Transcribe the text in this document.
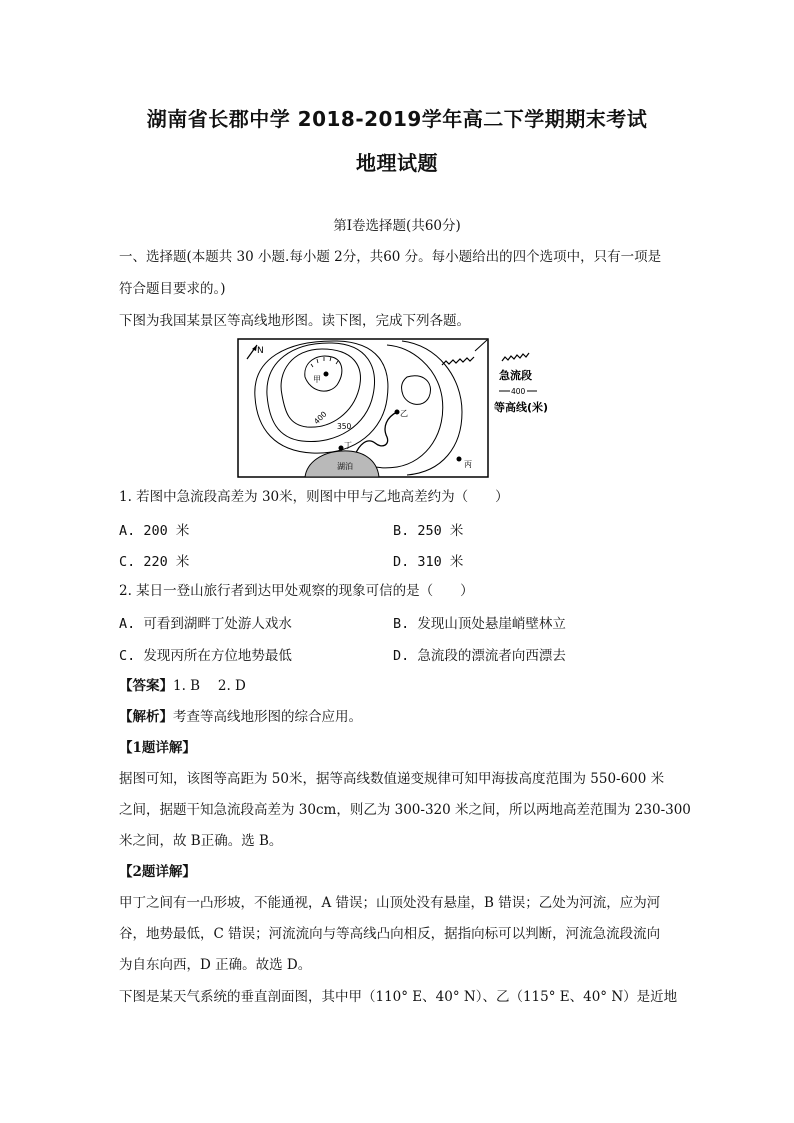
湖南省长郡中学 2018-2019学年高二下学期期末考试
地理试题
第Ⅰ卷选择题(共60分)
一、选择题(本题共 30 小题.每小题 2分，共60 分。每小题给出的四个选项中，只有一项是
符合题目要求的。)
下图为我国某景区等高线地形图。读下图，完成下列各题。
N
甲
400
350
乙
湖泊
丁
丙
急流段
400
等高线(米)
1. 若图中急流段高差为 30米，则图中甲与乙地高差约为（　　）
A. 200 米	B. 250 米
C. 220 米	D. 310 米
2. 某日一登山旅行者到达甲处观察的现象可信的是（　　）
A. 可看到湖畔丁处游人戏水	B. 发现山顶处悬崖峭壁林立
C. 发现丙所在方位地势最低	D. 急流段的漂流者向西漂去
【答案】1. B　 2. D
【解析】考查等高线地形图的综合应用。
【1题详解】
据图可知，该图等高距为 50米，据等高线数值递变规律可知甲海拔高度范围为 550-600 米
之间，据题干知急流段高差为 30cm，则乙为 300-320 米之间，所以两地高差范围为 230-300
米之间，故 B正确。选 B。
【2题详解】
甲丁之间有一凸形坡，不能通视，A 错误；山顶处没有悬崖，B 错误；乙处为河流，应为河
谷，地势最低，C 错误；河流流向与等高线凸向相反，据指向标可以判断，河流急流段流向
为自东向西，D 正确。故选 D。
下图是某天气系统的垂直剖面图，其中甲（110° E、40° N）、乙（115° E、40° N）是近地
